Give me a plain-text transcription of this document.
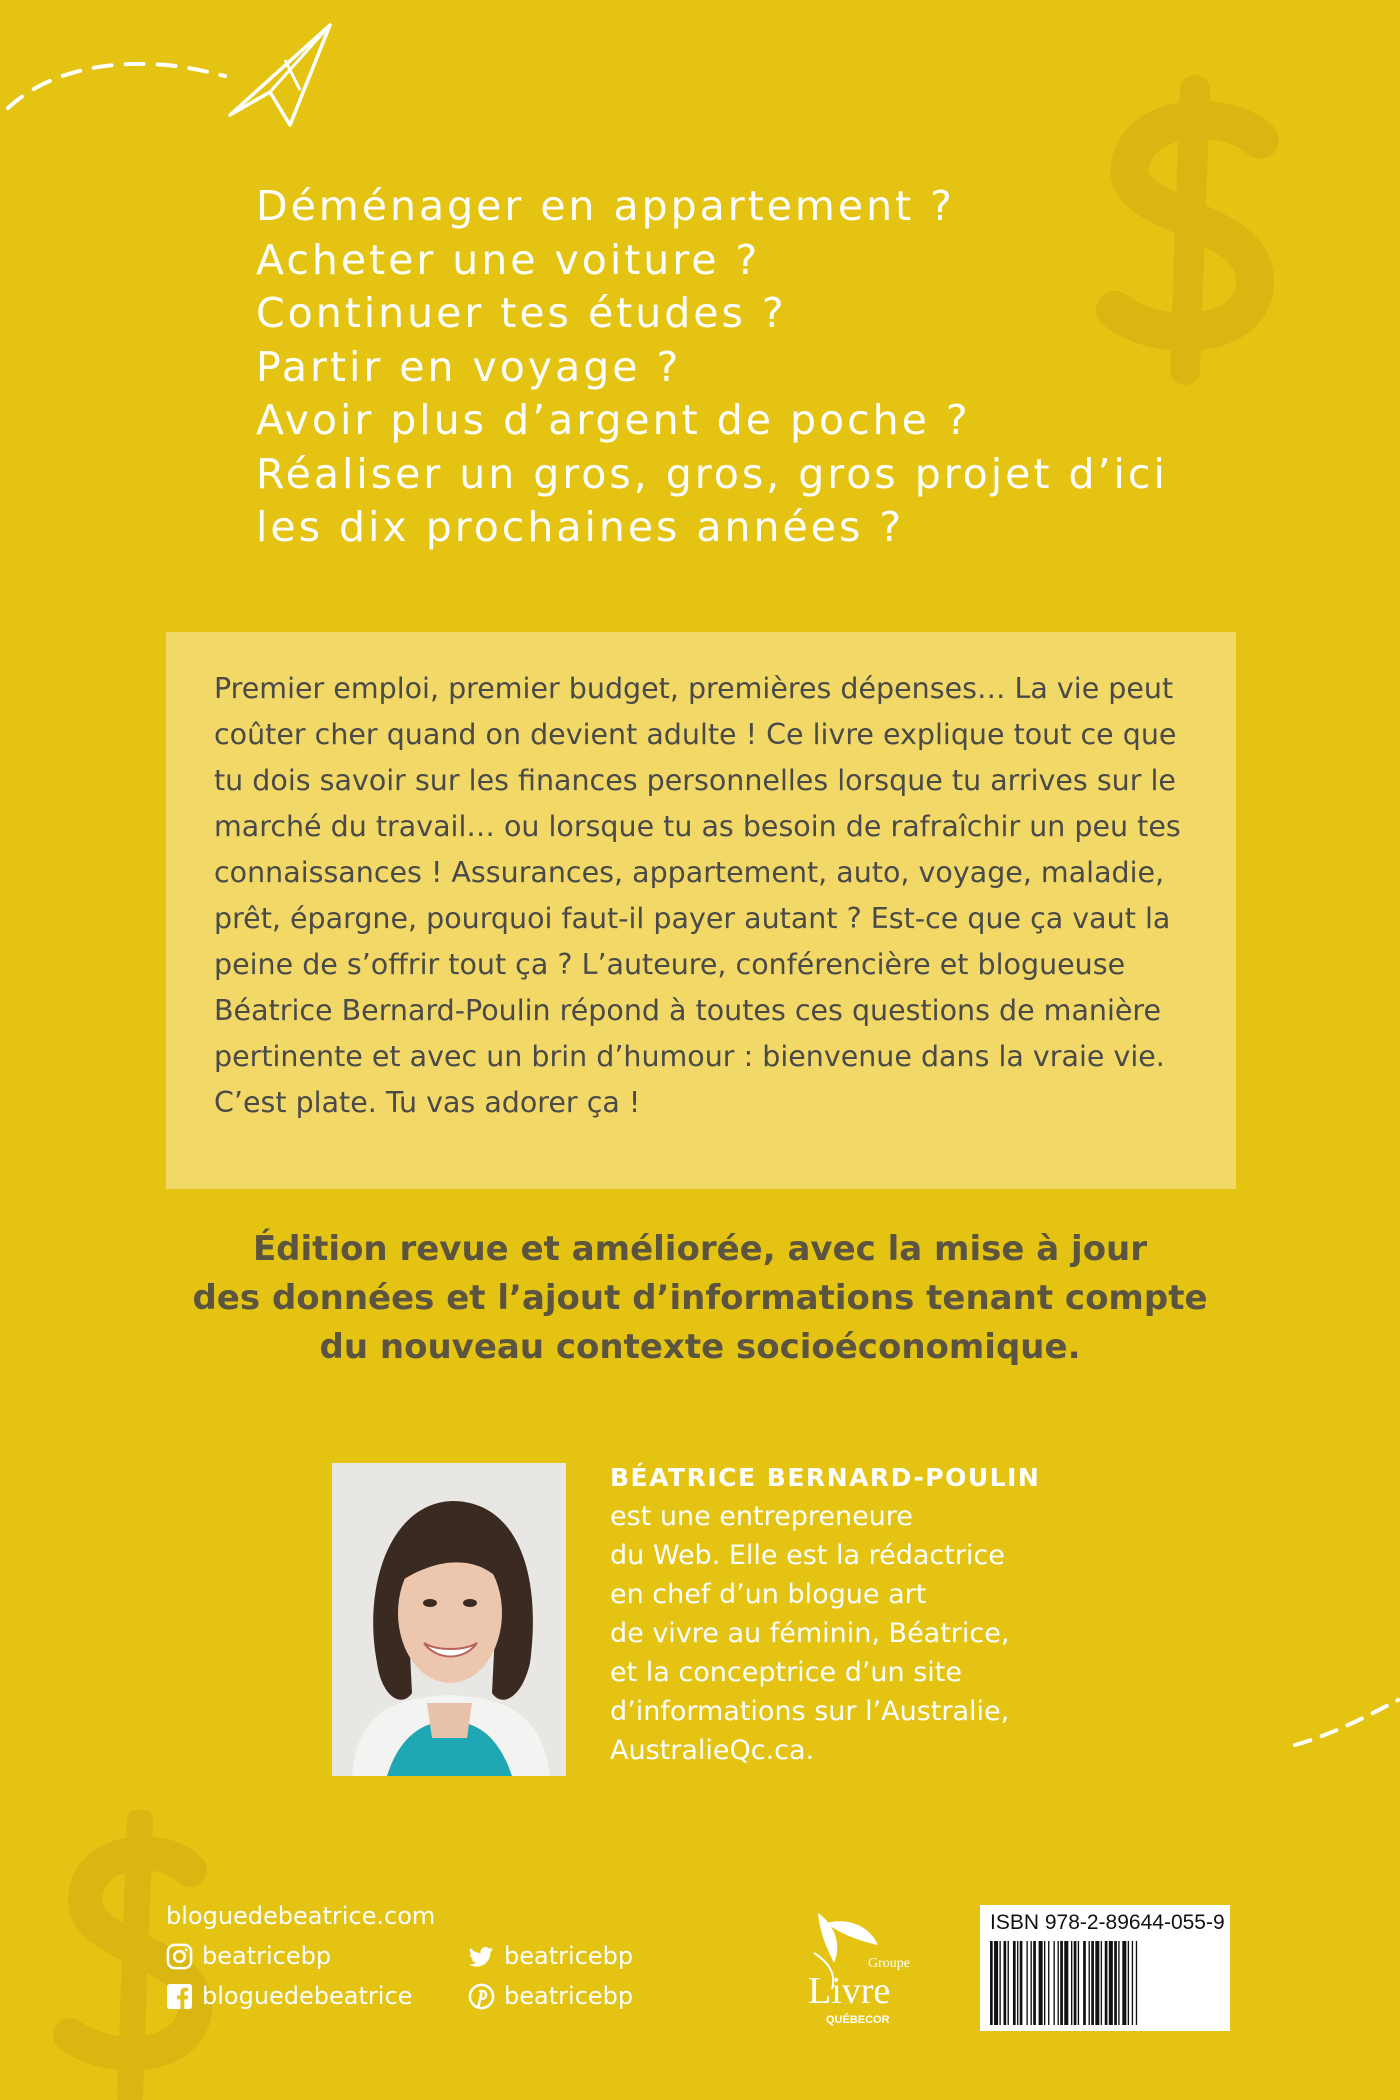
Déménager en appartement ?
Acheter une voiture ?
Continuer tes études ?
Partir en voyage ?
Avoir plus d’argent de poche ?
Réaliser un gros, gros, gros projet d’ici
les dix prochaines années ?

Premier emploi, premier budget, premières dépenses… La vie peut coûter cher quand on devient adulte ! Ce livre explique tout ce que tu dois savoir sur les finances personnelles lorsque tu arrives sur le marché du travail… ou lorsque tu as besoin de rafraîchir un peu tes connaissances ! Assurances, appartement, auto, voyage, maladie, prêt, épargne, pourquoi faut-il payer autant ? Est-ce que ça vaut la peine de s’offrir tout ça ? L’auteure, conférencière et blogueuse Béatrice Bernard-Poulin répond à toutes ces questions de manière pertinente et avec un brin d’humour : bienvenue dans la vraie vie. C’est plate. Tu vas adorer ça !

Édition revue et améliorée, avec la mise à jour
des données et l’ajout d’informations tenant compte
du nouveau contexte socioéconomique.
BÉATRICE BERNARD-POULIN
est une entrepreneure
du Web. Elle est la rédactrice
en chef d’un blogue art
de vivre au féminin, Béatrice,
et la conceptrice d’un site
d’informations sur l’Australie,
AustralieQc.ca.
bloguedebeatrice.com
beatricebp
bloguedebeatrice
beatricebp
beatricebp
Groupe
Livre
QUÉBECOR
ISBN 978-2-89644-055-9
